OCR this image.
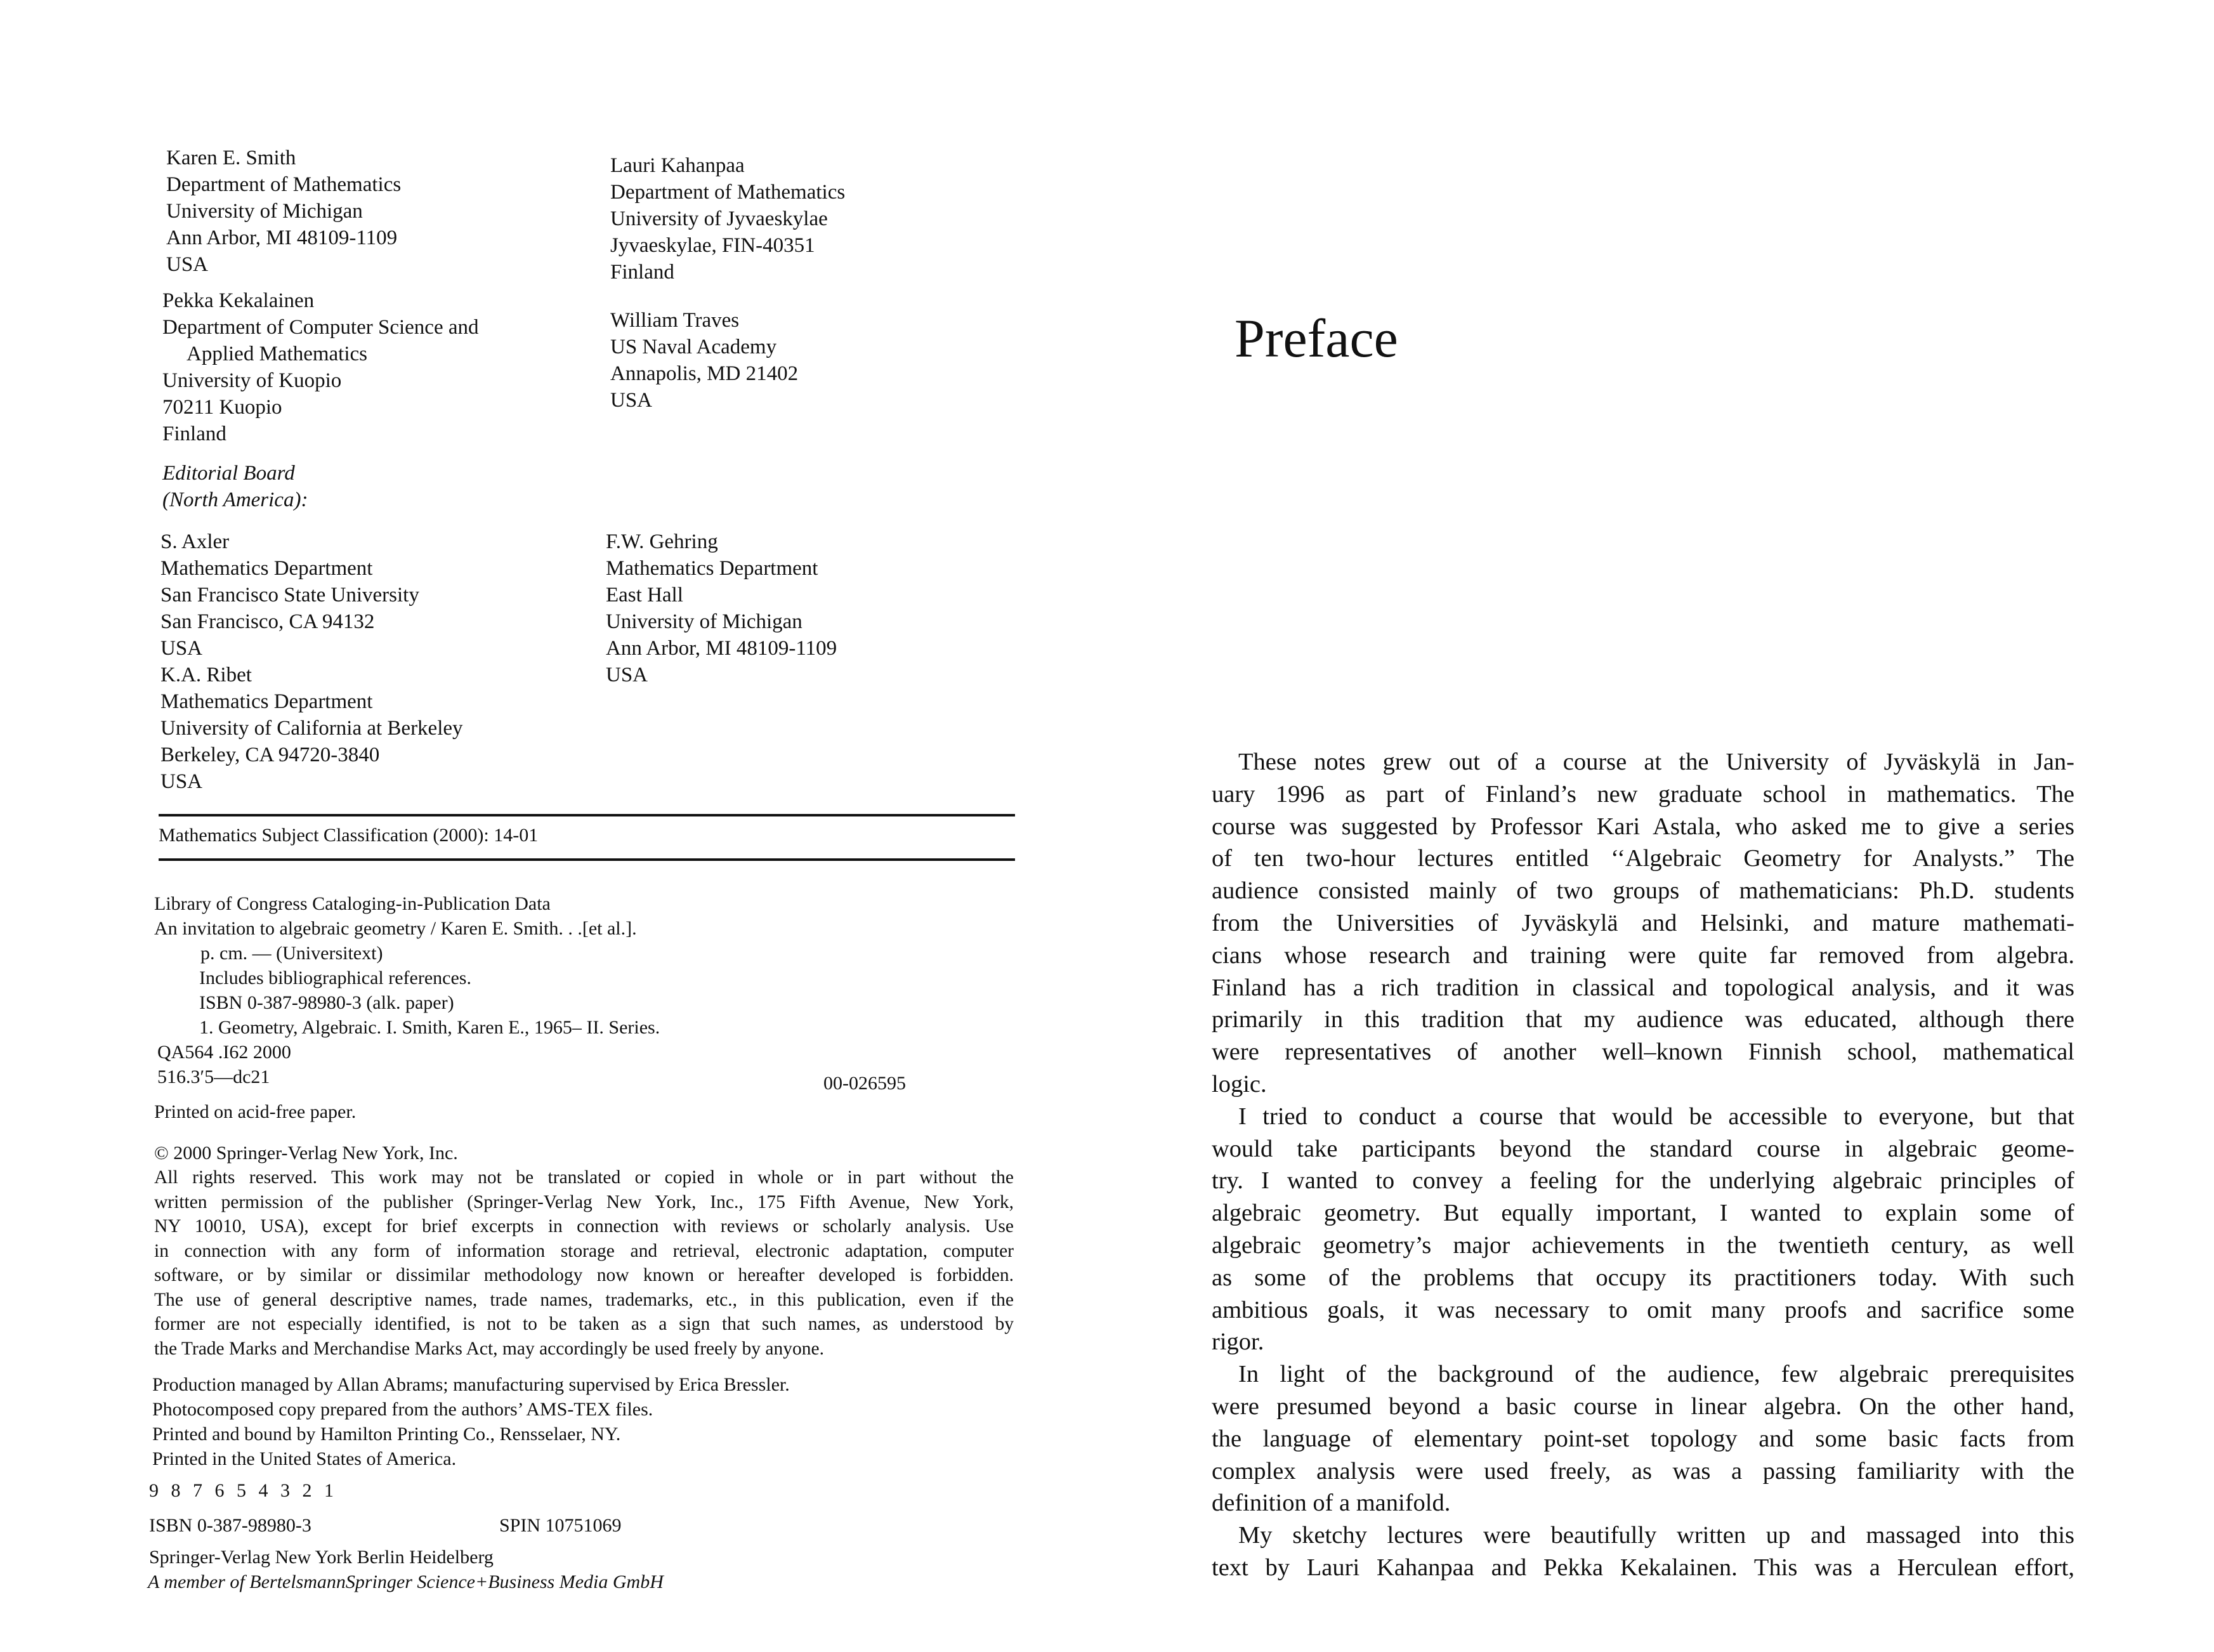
Karen E. Smith
Department of Mathematics
University of Michigan
Ann Arbor, MI 48109-1109
USA
Pekka Kekalainen
Department of Computer Science and
Applied Mathematics
University of Kuopio
70211 Kuopio
Finland
Lauri Kahanpaa
Department of Mathematics
University of Jyvaeskylae
Jyvaeskylae, FIN-40351
Finland
William Traves
US Naval Academy
Annapolis, MD 21402
USA
Editorial Board
(North America):
S. Axler
Mathematics Department
San Francisco State University
San Francisco, CA 94132
USA
K.A. Ribet
Mathematics Department
University of California at Berkeley
Berkeley, CA 94720-3840
USA
F.W. Gehring
Mathematics Department
East Hall
University of Michigan
Ann Arbor, MI 48109-1109
USA
Mathematics Subject Classification (2000): 14-01
Library of Congress Cataloging-in-Publication Data
An invitation to algebraic geometry / Karen E. Smith. . .[et al.].
p. cm. — (Universitext)
Includes bibliographical references.
ISBN 0-387-98980-3 (alk. paper)
1. Geometry, Algebraic. I. Smith, Karen E., 1965– II. Series.
QA564 .I62 2000
516.3′5—dc21	00-026595
Printed on acid-free paper.
© 2000 Springer-Verlag New York, Inc.
All rights reserved. This work may not be translated or copied in whole or in part without the
written permission of the publisher (Springer-Verlag New York, Inc., 175 Fifth Avenue, New York,
NY 10010, USA), except for brief excerpts in connection with reviews or scholarly analysis. Use
in connection with any form of information storage and retrieval, electronic adaptation, computer
software, or by similar or dissimilar methodology now known or hereafter developed is forbidden.
The use of general descriptive names, trade names, trademarks, etc., in this publication, even if the
former are not especially identified, is not to be taken as a sign that such names, as understood by
the Trade Marks and Merchandise Marks Act, may accordingly be used freely by anyone.
Production managed by Allan Abrams; manufacturing supervised by Erica Bressler.
Photocomposed copy prepared from the authors’ AMS-TEX files.
Printed and bound by Hamilton Printing Co., Rensselaer, NY.
Printed in the United States of America.
9 8 7 6 5 4 3 2 1
ISBN 0-387-98980-3	SPIN 10751069
Springer-Verlag New York Berlin Heidelberg
A member of BertelsmannSpringer Science+Business Media GmbH
Preface
These notes grew out of a course at the University of Jyväskylä in Jan-
uary 1996 as part of Finland’s new graduate school in mathematics. The
course was suggested by Professor Kari Astala, who asked me to give a series
of ten two-hour lectures entitled ‘‘Algebraic Geometry for Analysts.” The
audience consisted mainly of two groups of mathematicians: Ph.D. students
from the Universities of Jyväskylä and Helsinki, and mature mathemati-
cians whose research and training were quite far removed from algebra.
Finland has a rich tradition in classical and topological analysis, and it was
primarily in this tradition that my audience was educated, although there
were representatives of another well–known Finnish school, mathematical
logic.
I tried to conduct a course that would be accessible to everyone, but that
would take participants beyond the standard course in algebraic geome-
try. I wanted to convey a feeling for the underlying algebraic principles of
algebraic geometry. But equally important, I wanted to explain some of
algebraic geometry’s major achievements in the twentieth century, as well
as some of the problems that occupy its practitioners today. With such
ambitious goals, it was necessary to omit many proofs and sacrifice some
rigor.
In light of the background of the audience, few algebraic prerequisites
were presumed beyond a basic course in linear algebra. On the other hand,
the language of elementary point-set topology and some basic facts from
complex analysis were used freely, as was a passing familiarity with the
definition of a manifold.
My sketchy lectures were beautifully written up and massaged into this
text by Lauri Kahanpaa and Pekka Kekalainen. This was a Herculean effort,
